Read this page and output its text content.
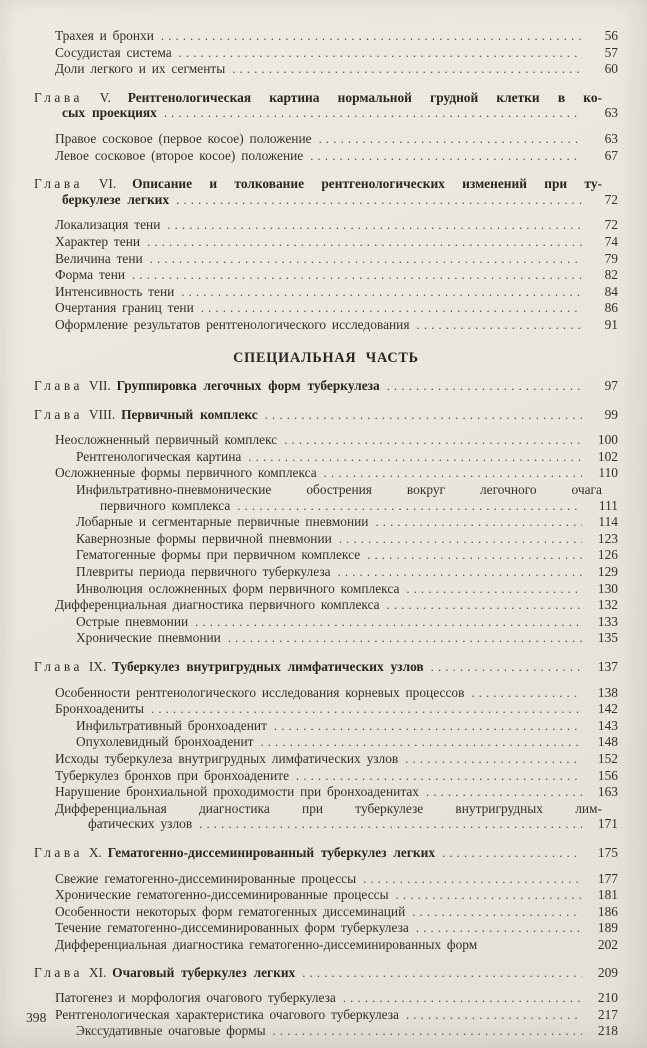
Трахея и бронхи .....	56
Сосудистая система .....	57
Доли легкого и их сегменты .....	60
Глава V. Рентгенологическая картина нормальной грудной клетки в ко-
сых проекциях .....	63
Правое сосковое (первое косое) положение .....	63
Левое сосковое (второе косое) положение .....	67
Глава VI. Описание и толкование рентгенологических изменений при ту-
беркулезе легких .....	72
Локализация тени .....	72
Характер тени .....	74
Величина тени .....	79
Форма тени .....	82
Интенсивность тени .....	84
Очертания границ тени .....	86
Оформление результатов рентгенологического исследования .....	91
СПЕЦИАЛЬНАЯ ЧАСТЬ
Глава VII. Группировка легочных форм туберкулеза .....	97
Глава VIII. Первичный комплекс .....	99
Неосложненный первичный комплекс .....	100
Рентгенологическая картина .....	102
Осложненные формы первичного комплекса .....	110
Инфильтративно-пневмонические обострения вокруг легочного очага
первичного комплекса .....	111
Лобарные и сегментарные первичные пневмонии .....	114
Кавернозные формы первичной пневмонии .....	123
Гематогенные формы при первичном комплексе .....	126
Плевриты периода первичного туберкулеза .....	129
Инволюция осложненных форм первичного комплекса .....	130
Дифференциальная диагностика первичного комплекса .....	132
Острые пневмонии .....	133
Хронические пневмонии .....	135
Глава IX. Туберкулез внутригрудных лимфатических узлов .....	137
Особенности рентгенологического исследования корневых процессов .....	138
Бронхоадениты .....	142
Инфильтративный бронхоаденит .....	143
Опухолевидный бронхоаденит .....	148
Исходы туберкулеза внутригрудных лимфатических узлов .....	152
Туберкулез бронхов при бронхоадените .....	156
Нарушение бронхиальной проходимости при бронхоаденитах .....	163
Дифференциальная диагностика при туберкулезе внутригрудных лим-
фатических узлов .....	171
Глава X. Гематогенно-диссеминированный туберкулез легких .....	175
Свежие гематогенно-диссеминированные процессы .....	177
Хронические гематогенно-диссеминированные процессы .....	181
Особенности некоторых форм гематогенных диссеминаций .....	186
Течение гематогенно-диссеминированных форм туберкулеза .....	189
Дифференциальная диагностика гематогенно-диссеминированных форм	202
Глава XI. Очаговый туберкулез легких .....	209
Патогенез и морфология очагового туберкулеза .....	210
Рентгенологическая характеристика очагового туберкулеза .....	217
Экссудативные очаговые формы .....	218
398
